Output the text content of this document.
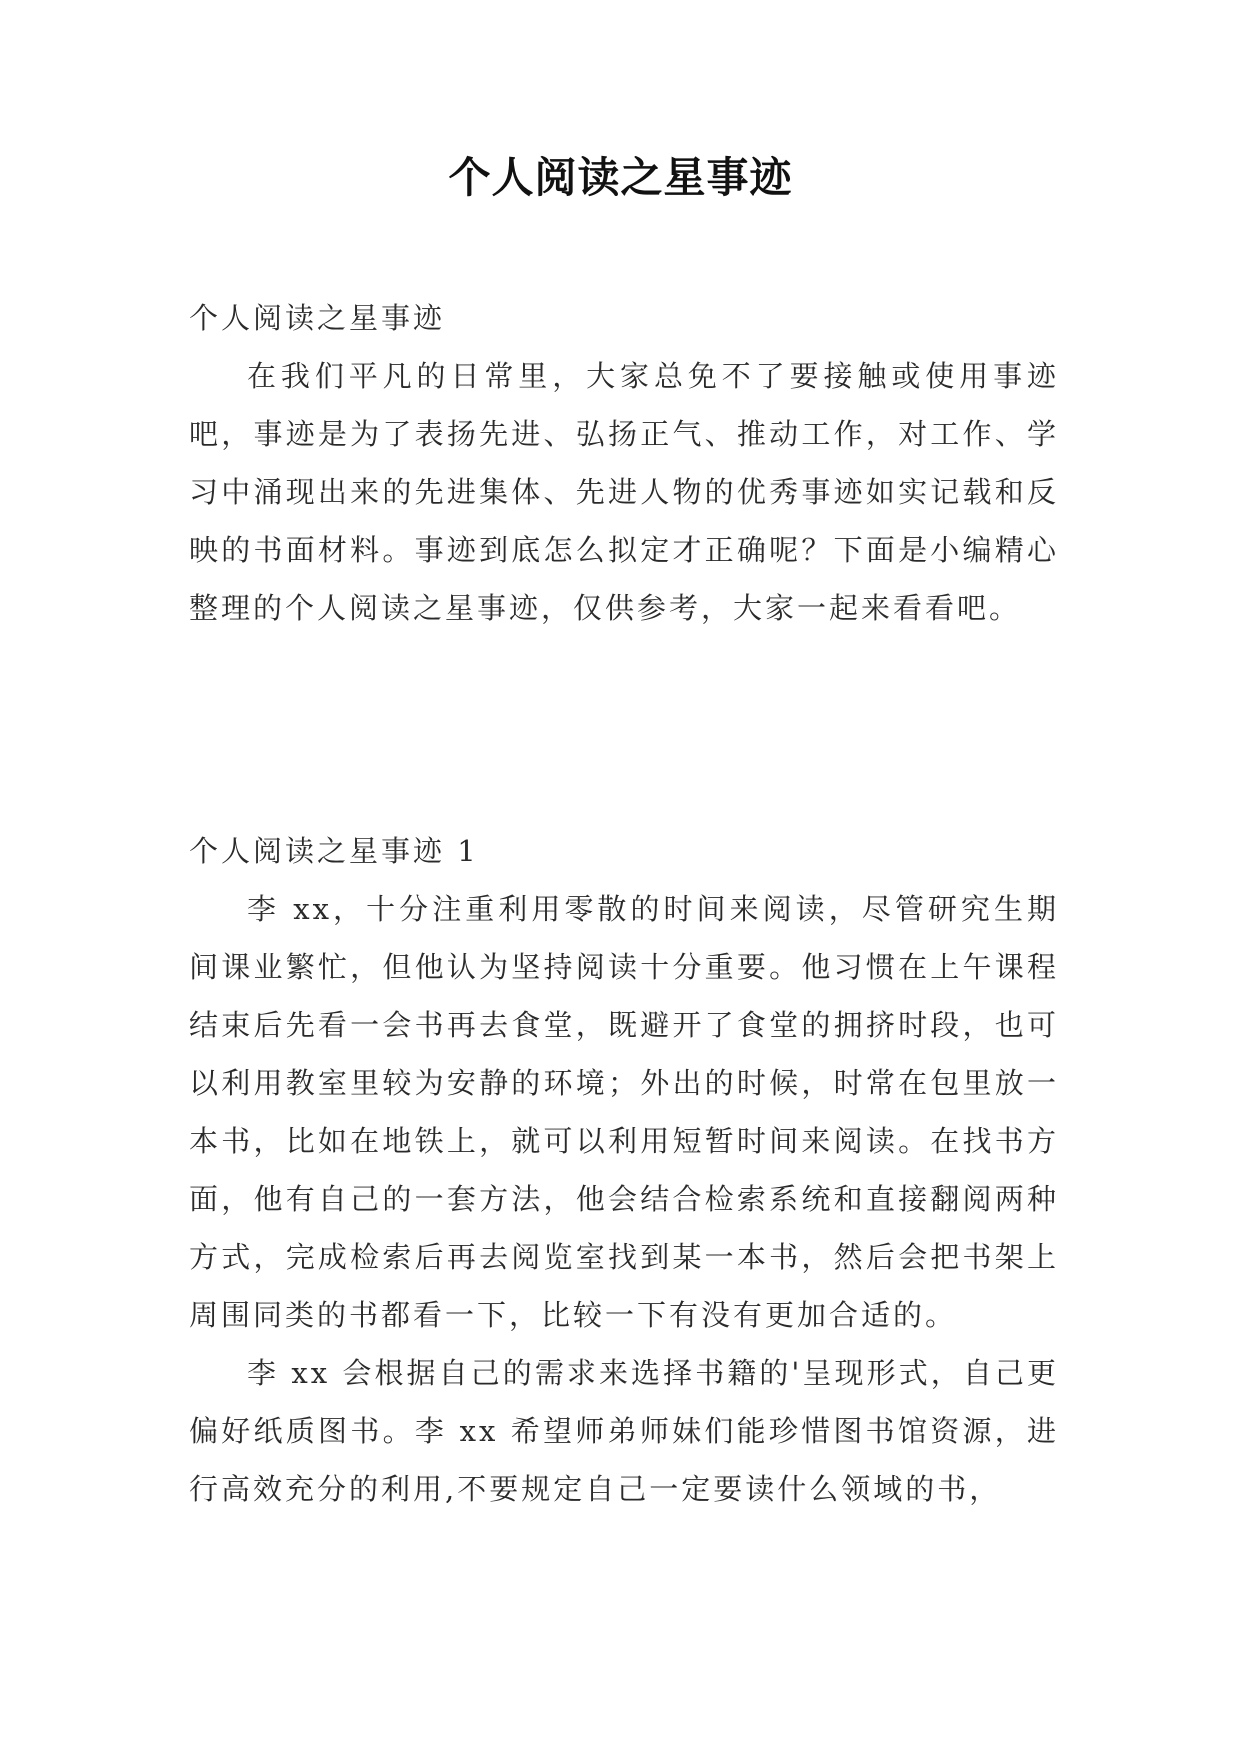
个人阅读之星事迹

个人阅读之星事迹

在我们平凡的日常里，大家总免不了要接触或使用事迹吧，事迹是为了表扬先进、弘扬正气、推动工作，对工作、学习中涌现出来的先进集体、先进人物的优秀事迹如实记载和反映的书面材料。事迹到底怎么拟定才正确呢？下面是小编精心整理的个人阅读之星事迹，仅供参考，大家一起来看看吧。

个人阅读之星事迹 1

李 xx，十分注重利用零散的时间来阅读，尽管研究生期间课业繁忙，但他认为坚持阅读十分重要。他习惯在上午课程结束后先看一会书再去食堂，既避开了食堂的拥挤时段，也可以利用教室里较为安静的环境；外出的时候，时常在包里放一本书，比如在地铁上，就可以利用短暂时间来阅读。在找书方面，他有自己的一套方法，他会结合检索系统和直接翻阅两种方式，完成检索后再去阅览室找到某一本书，然后会把书架上周围同类的书都看一下，比较一下有没有更加合适的。

李 xx 会根据自己的需求来选择书籍的'呈现形式，自己更偏好纸质图书。李 xx 希望师弟师妹们能珍惜图书馆资源，进行高效充分的利用,不要规定自己一定要读什么领域的书，
